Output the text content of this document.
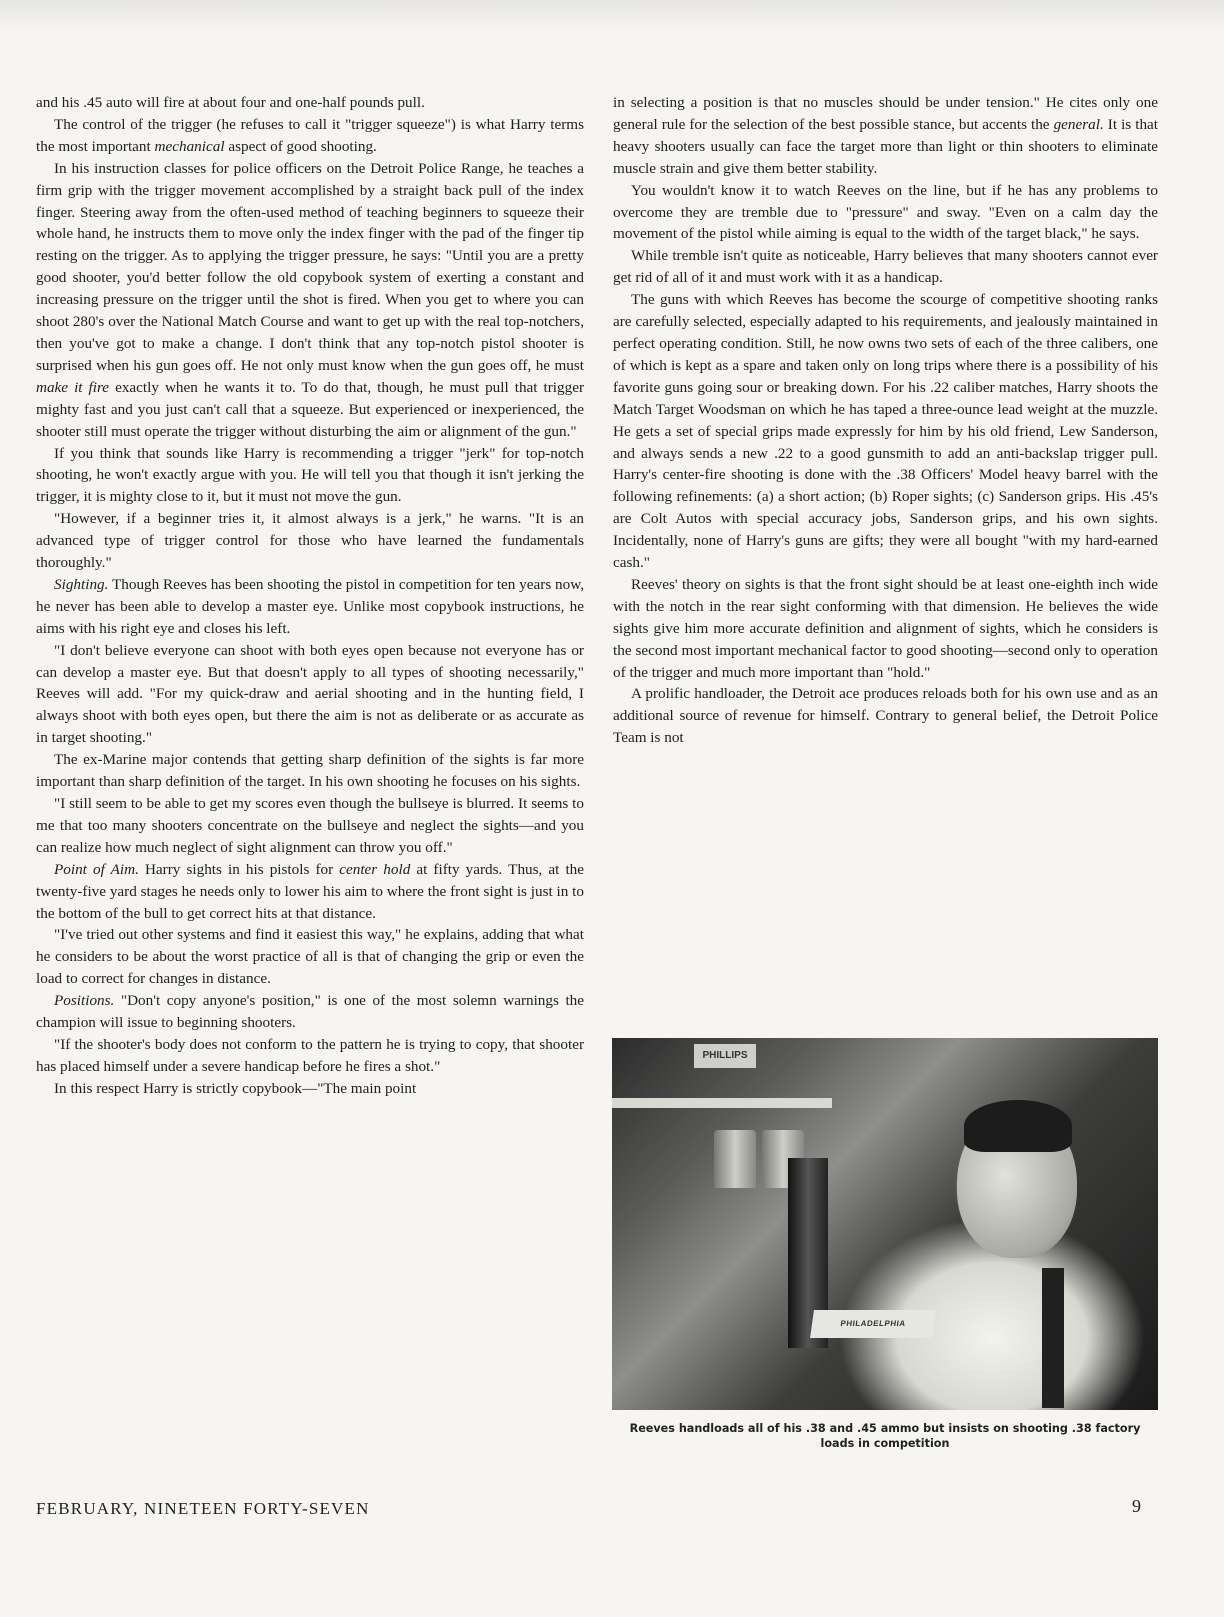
and his .45 auto will fire at about four and one-half pounds pull.

The control of the trigger (he refuses to call it "trigger squeeze") is what Harry terms the most important mechanical aspect of good shooting.

In his instruction classes for police officers on the Detroit Police Range, he teaches a firm grip with the trigger movement accomplished by a straight back pull of the index finger. Steering away from the often-used method of teaching beginners to squeeze their whole hand, he instructs them to move only the index finger with the pad of the finger tip resting on the trigger. As to applying the trigger pressure, he says: "Until you are a pretty good shooter, you'd better follow the old copybook system of exerting a constant and increasing pressure on the trigger until the shot is fired. When you get to where you can shoot 280's over the National Match Course and want to get up with the real top-notchers, then you've got to make a change. I don't think that any top-notch pistol shooter is surprised when his gun goes off. He not only must know when the gun goes off, he must make it fire exactly when he wants it to. To do that, though, he must pull that trigger mighty fast and you just can't call that a squeeze. But experienced or inexperienced, the shooter still must operate the trigger without disturbing the aim or alignment of the gun."

If you think that sounds like Harry is recommending a trigger "jerk" for top-notch shooting, he won't exactly argue with you. He will tell you that though it isn't jerking the trigger, it is mighty close to it, but it must not move the gun.

"However, if a beginner tries it, it almost always is a jerk," he warns. "It is an advanced type of trigger control for those who have learned the fundamentals thoroughly."

Sighting. Though Reeves has been shooting the pistol in competition for ten years now, he never has been able to develop a master eye. Unlike most copybook instructions, he aims with his right eye and closes his left.

"I don't believe everyone can shoot with both eyes open because not everyone has or can develop a master eye. But that doesn't apply to all types of shooting necessarily," Reeves will add. "For my quick-draw and aerial shooting and in the hunting field, I always shoot with both eyes open, but there the aim is not as deliberate or as accurate as in target shooting."

The ex-Marine major contends that getting sharp definition of the sights is far more important than sharp definition of the target. In his own shooting he focuses on his sights.

"I still seem to be able to get my scores even though the bullseye is blurred. It seems to me that too many shooters concentrate on the bullseye and neglect the sights—and you can realize how much neglect of sight alignment can throw you off."

Point of Aim. Harry sights in his pistols for center hold at fifty yards. Thus, at the twenty-five yard stages he needs only to lower his aim to where the front sight is just in to the bottom of the bull to get correct hits at that distance.

"I've tried out other systems and find it easiest this way," he explains, adding that what he considers to be about the worst practice of all is that of changing the grip or even the load to correct for changes in distance.

Positions. "Don't copy anyone's position," is one of the most solemn warnings the champion will issue to beginning shooters.

"If the shooter's body does not conform to the pattern he is trying to copy, that shooter has placed himself under a severe handicap before he fires a shot."

In this respect Harry is strictly copybook—"The main point

in selecting a position is that no muscles should be under tension." He cites only one general rule for the selection of the best possible stance, but accents the general. It is that heavy shooters usually can face the target more than light or thin shooters to eliminate muscle strain and give them better stability.

You wouldn't know it to watch Reeves on the line, but if he has any problems to overcome they are tremble due to "pressure" and sway. "Even on a calm day the movement of the pistol while aiming is equal to the width of the target black," he says.

While tremble isn't quite as noticeable, Harry believes that many shooters cannot ever get rid of all of it and must work with it as a handicap.

The guns with which Reeves has become the scourge of competitive shooting ranks are carefully selected, especially adapted to his requirements, and jealously maintained in perfect operating condition. Still, he now owns two sets of each of the three calibers, one of which is kept as a spare and taken only on long trips where there is a possibility of his favorite guns going sour or breaking down. For his .22 caliber matches, Harry shoots the Match Target Woodsman on which he has taped a three-ounce lead weight at the muzzle. He gets a set of special grips made expressly for him by his old friend, Lew Sanderson, and always sends a new .22 to a good gunsmith to add an anti-backslap trigger pull. Harry's center-fire shooting is done with the .38 Officers' Model heavy barrel with the following refinements: (a) a short action; (b) Roper sights; (c) Sanderson grips. His .45's are Colt Autos with special accuracy jobs, Sanderson grips, and his own sights. Incidentally, none of Harry's guns are gifts; they were all bought "with my hard-earned cash."

Reeves' theory on sights is that the front sight should be at least one-eighth inch wide with the notch in the rear sight conforming with that dimension. He believes the wide sights give him more accurate definition and alignment of sights, which he considers is the second most important mechanical factor to good shooting—second only to operation of the trigger and much more important than "hold."

A prolific handloader, the Detroit ace produces reloads both for his own use and as an additional source of revenue for himself. Contrary to general belief, the Detroit Police Team is not

PHILLIPS
PHILADELPHIA
Reeves handloads all of his .38 and .45 ammo but insists on shooting .38 factory loads in competition
FEBRUARY, NINETEEN FORTY-SEVEN	9
